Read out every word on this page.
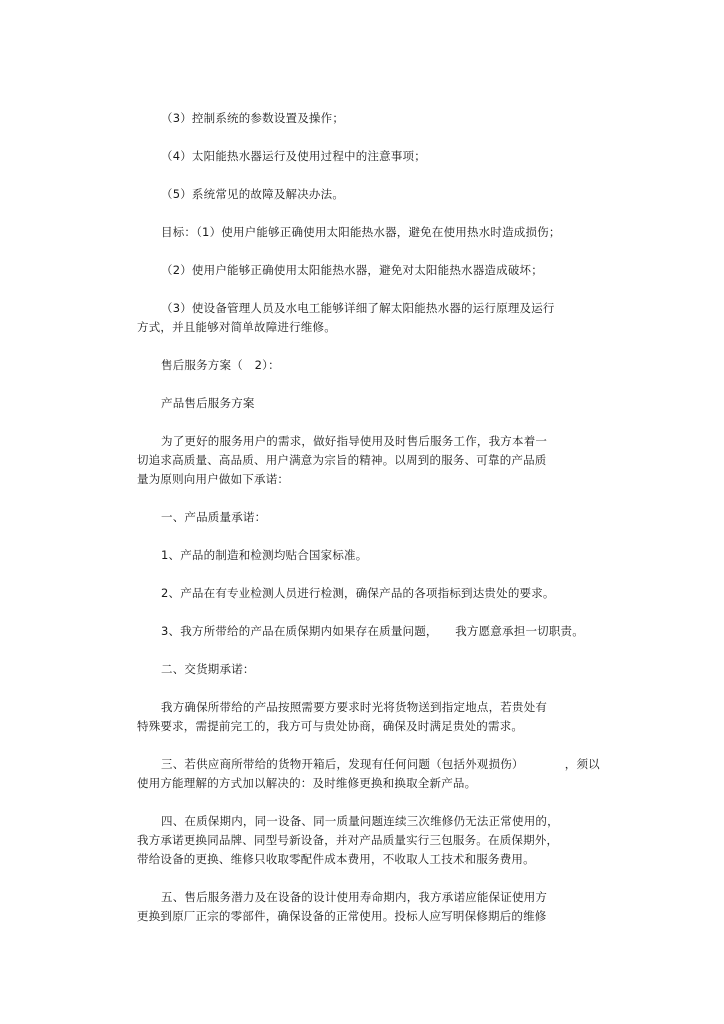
（3）控制系统的参数设置及操作；
（4）太阳能热水器运行及使用过程中的注意事项；
（5）系统常见的故障及解决办法。
目标：（1）使用户能够正确使用太阳能热水器，避免在使用热水时造成损伤；
（2）使用户能够正确使用太阳能热水器，避免对太阳能热水器造成破坏；
（3）使设备管理人员及水电工能够详细了解太阳能热水器的运行原理及运行
方式，并且能够对简单故障进行维修。
售后服务方案（　2）：
产品售后服务方案
为了更好的服务用户的需求，做好指导使用及时售后服务工作，我方本着一
切追求高质量、高品质、用户满意为宗旨的精神。以周到的服务、可靠的产品质
量为原则向用户做如下承诺：
一、产品质量承诺：
1、产品的制造和检测均贴合国家标准。
2、产品在有专业检测人员进行检测，确保产品的各项指标到达贵处的要求。
3、我方所带给的产品在质保期内如果存在质量问题，　　我方愿意承担一切职责。
二、交货期承诺：
我方确保所带给的产品按照需要方要求时光将货物送到指定地点，若贵处有
特殊要求，需提前完工的，我方可与贵处协商，确保及时满足贵处的需求。
三、若供应商所带给的货物开箱后，发现有任何问题（包括外观损伤）　　　　，须以
使用方能理解的方式加以解决的：及时维修更换和换取全新产品。
四、在质保期内，同一设备、同一质量问题连续三次维修仍无法正常使用的，
我方承诺更换同品牌、同型号新设备，并对产品质量实行三包服务。在质保期外，
带给设备的更换、维修只收取零配件成本费用，不收取人工技术和服务费用。
五、售后服务潜力及在设备的设计使用寿命期内，我方承诺应能保证使用方
更换到原厂正宗的零部件，确保设备的正常使用。投标人应写明保修期后的维修
